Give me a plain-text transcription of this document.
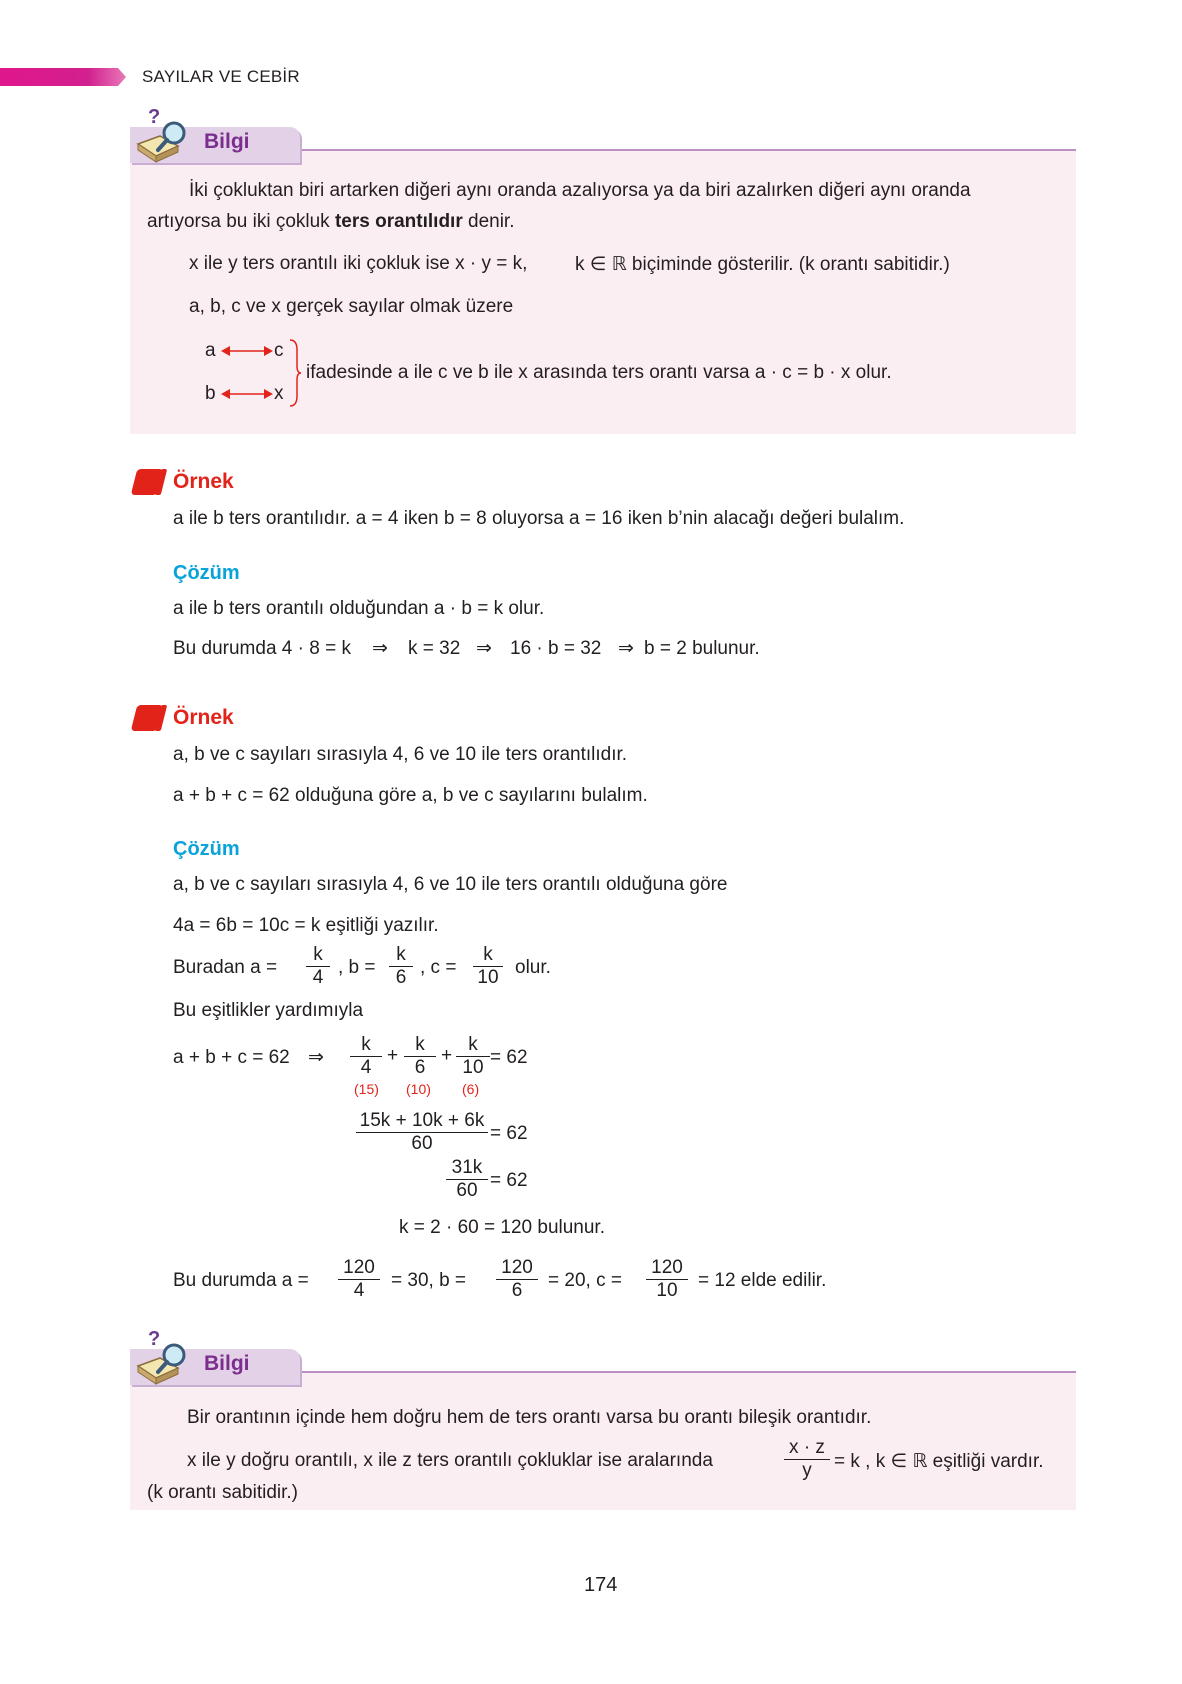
SAYILAR VE CEBİR
?
Bilgi
İki çokluktan biri artarken diğeri aynı oranda azalıyorsa ya da biri azalırken diğeri aynı oranda
artıyorsa bu iki çokluk ters orantılıdır denir.
x ile y ters orantılı iki çokluk ise x · y = k,	k ∈ ℝ biçiminde gösterilir. (k orantı sabitidir.)
a, b, c ve x gerçek sayılar olmak üzere
a	c
b	x
ifadesinde a ile c ve b ile x arasında ters orantı varsa a · c = b · x olur.
Örnek
a ile b ters orantılıdır. a = 4 iken b = 8 oluyorsa a = 16 iken b’nin alacağı değeri bulalım.
Çözüm
a ile b ters orantılı olduğundan a · b = k olur.
Bu durumda 4 · 8 = k ⇒ k = 32 ⇒ 16 · b = 32 ⇒ b = 2 bulunur.
Örnek
a, b ve c sayıları sırasıyla 4, 6 ve 10 ile ters orantılıdır.
a + b + c = 62 olduğuna göre a, b ve c sayılarını bulalım.
Çözüm
a, b ve c sayıları sırasıyla 4, 6 ve 10 ile ters orantılı olduğuna göre
4a = 6b = 10c = k eşitliği yazılır.
Buradan a =
k
4 , b =
k
6 , c =
k
10 olur.
Bu eşitlikler yardımıyla
a + b + c = 62 ⇒
k
4
+
k
6
+
k
10 = 62
(15) (10) (6)
15k + 10k + 6k
60	= 62
31k
60 = 62
k = 2 · 60 = 120 bulunur.
Bu durumda a =
120
4	= 30, b =
120
6	= 20, c =
120
10	= 12 elde edilir.
?
Bilgi
Bir orantının içinde hem doğru hem de ters orantı varsa bu orantı bileşik orantıdır.
x ile y doğru orantılı, x ile z ters orantılı çokluklar ise aralarında
x · z
y	= k , k ∈ ℝ eşitliği vardır.
(k orantı sabitidir.)
174
